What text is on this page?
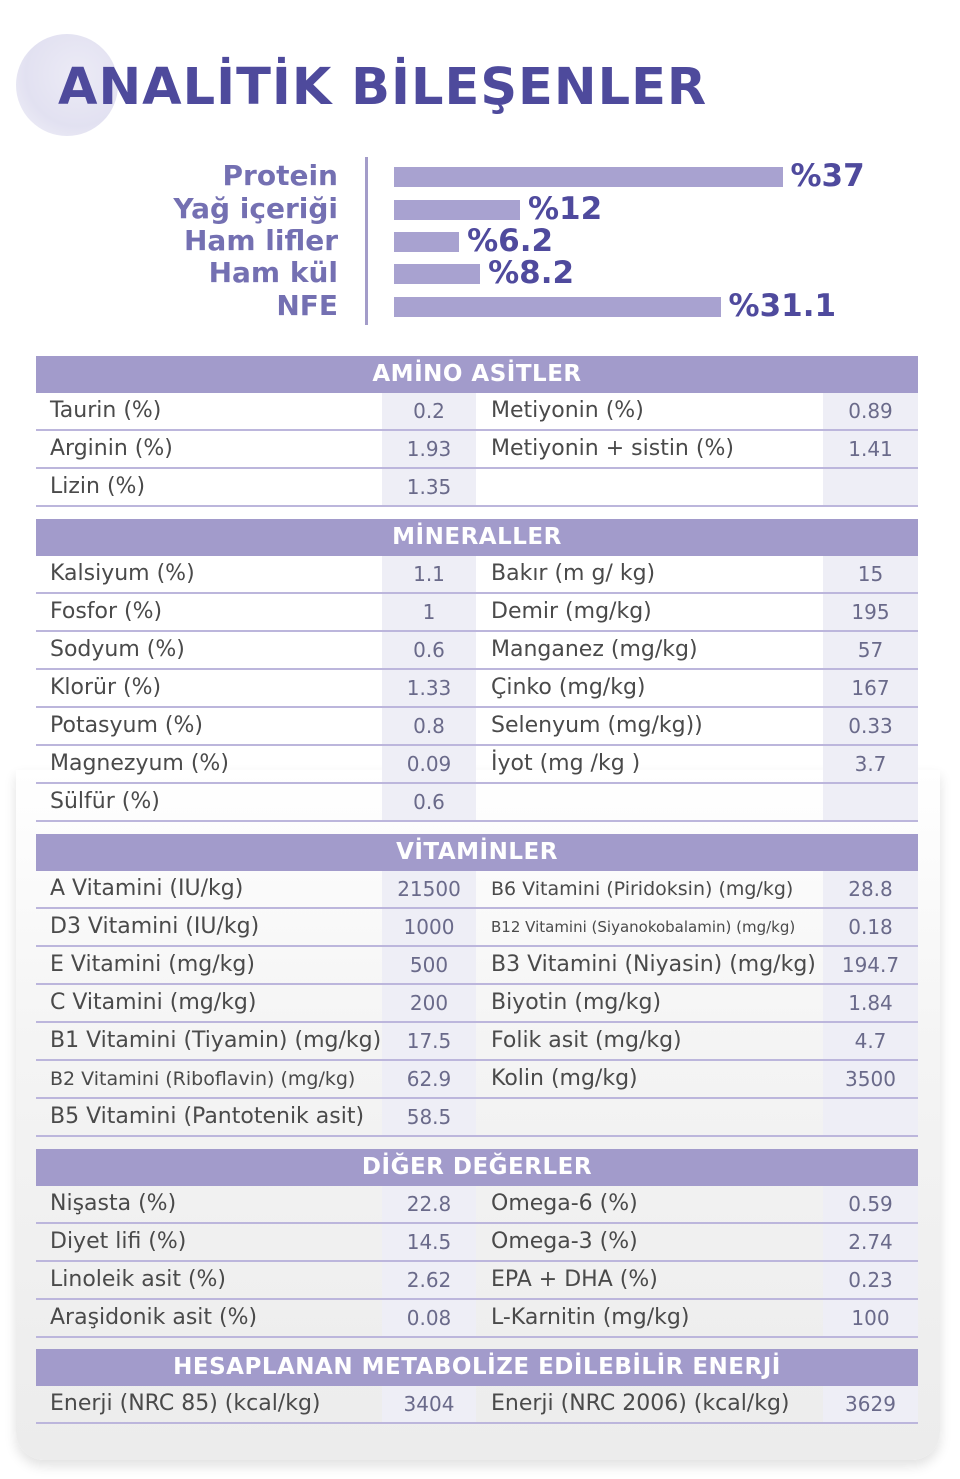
ANALİTİK BİLEŞENLER
Protein	%37
Yağ içeriği	%12
Ham lifler	%6.2
Ham kül	%8.2
NFE	%31.1
AMİNO ASİTLER
Taurin (%)	0.2	Metiyonin (%)	0.89
Arginin (%)	1.93	Metiyonin + sistin (%)	1.41
Lizin (%)	1.35
MİNERALLER
Kalsiyum (%)	1.1	Bakır (m g/ kg)	15
Fosfor (%)	1	Demir (mg/kg)	195
Sodyum (%)	0.6	Manganez (mg/kg)	57
Klorür (%)	1.33	Çinko (mg/kg)	167
Potasyum (%)	0.8	Selenyum (mg/kg))	0.33
Magnezyum (%)	0.09	İyot (mg /kg )	3.7
Sülfür (%)	0.6
VİTAMİNLER
A Vitamini (IU/kg)	21500	B6 Vitamini (Piridoksin) (mg/kg)	28.8
D3 Vitamini (IU/kg)	1000	B12 Vitamini (Siyanokobalamin) (mg/kg)	0.18
E Vitamini (mg/kg)	500	B3 Vitamini (Niyasin) (mg/kg)	194.7
C Vitamini (mg/kg)	200	Biyotin (mg/kg)	1.84
B1 Vitamini (Tiyamin) (mg/kg)	17.5	Folik asit (mg/kg)	4.7
B2 Vitamini (Riboflavin) (mg/kg)	62.9	Kolin (mg/kg)	3500
B5 Vitamini (Pantotenik asit)	58.5
DİĞER DEĞERLER
Nişasta (%)	22.8	Omega-6 (%)	0.59
Diyet lifi (%)	14.5	Omega-3 (%)	2.74
Linoleik asit (%)	2.62	EPA + DHA (%)	0.23
Araşidonik asit (%)	0.08	L-Karnitin (mg/kg)	100
HESAPLANAN METABOLİZE EDİLEBİLİR ENERJİ
Enerji (NRC 85) (kcal/kg)	3404	Enerji (NRC 2006) (kcal/kg)	3629
